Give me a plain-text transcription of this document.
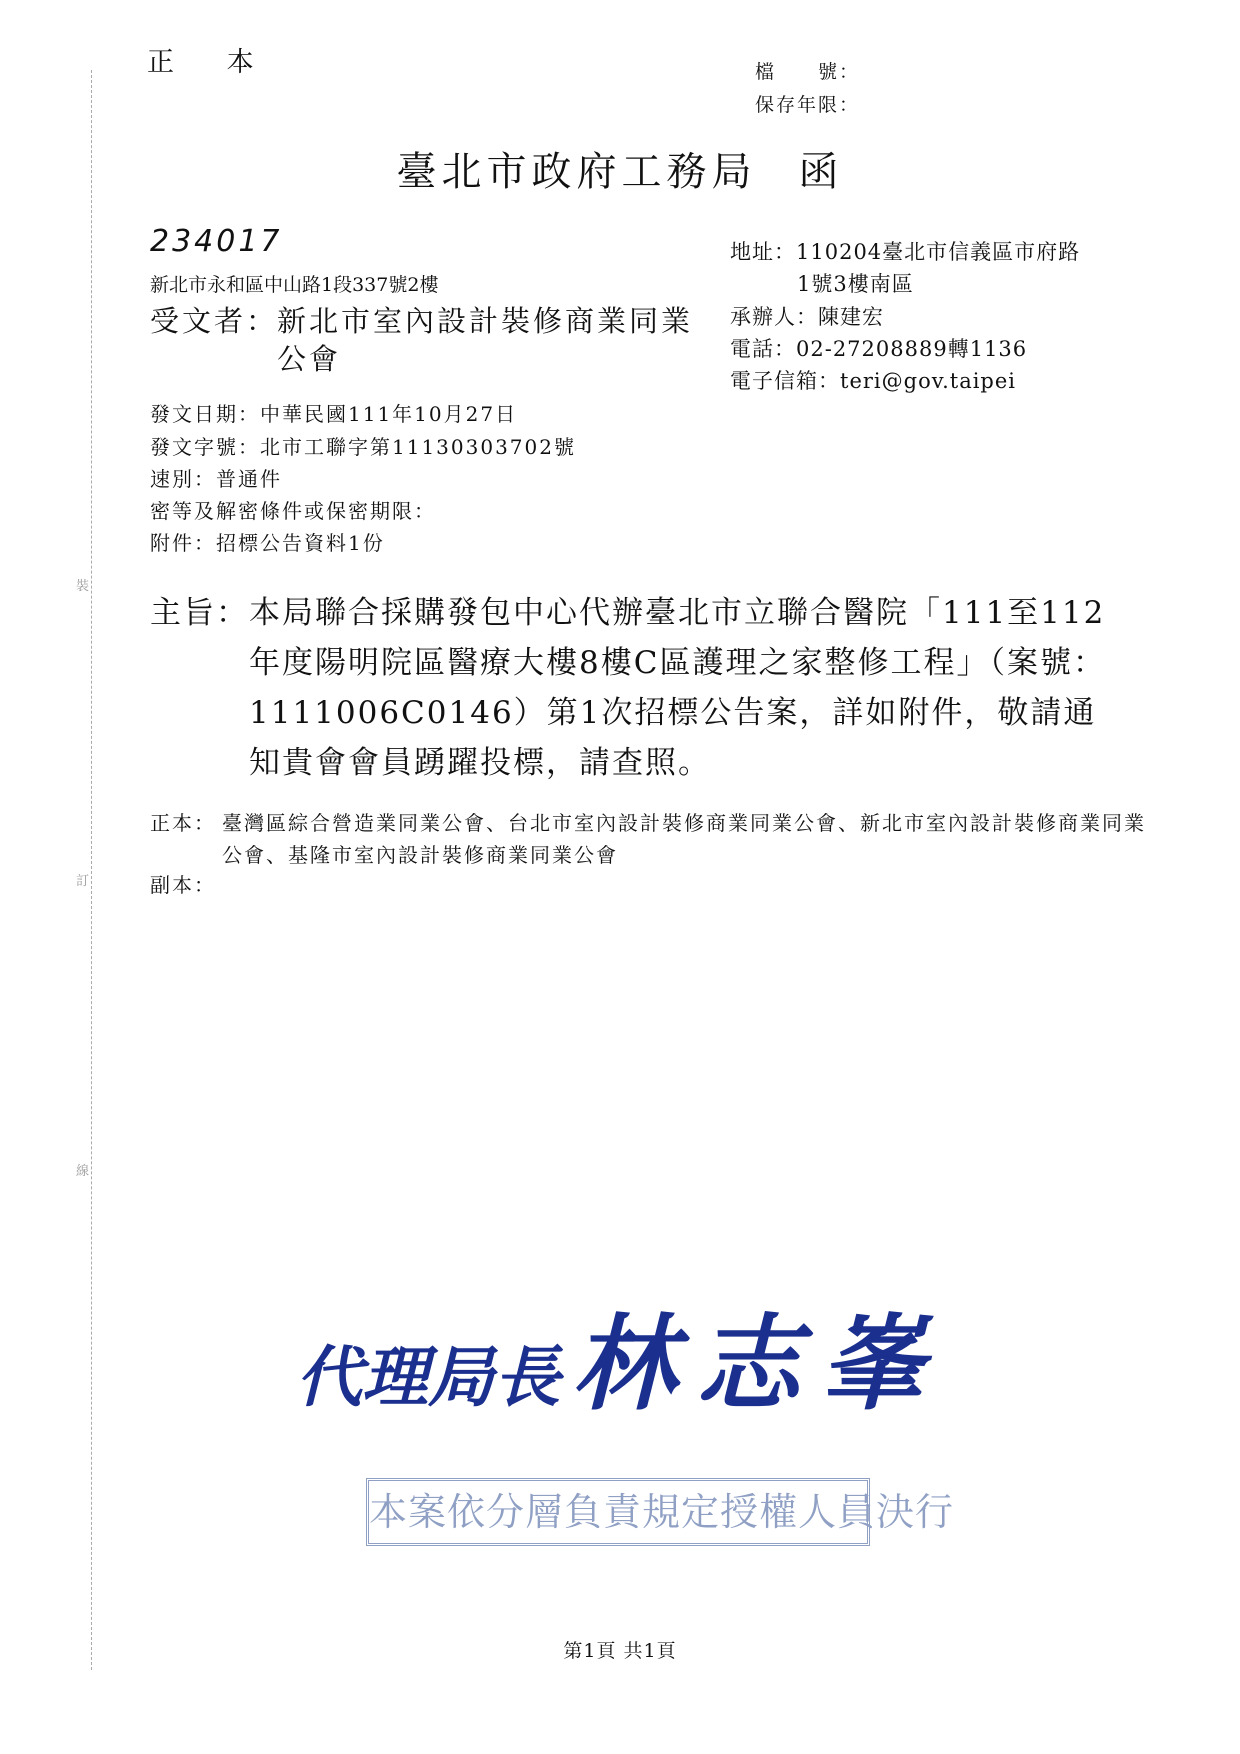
裝
訂
線
正 本	檔　　號：
保存年限：
臺北市政府工務局 函
234017
新北市永和區中山路1段337號2樓
受文者：
新北市室內設計裝修商業同業公會
地址：110204臺北市信義區市府路
1號3樓南區
承辦人：陳建宏
電話：02-27208889轉1136
電子信箱：teri@gov.taipei
發文日期：中華民國111年10月27日
發文字號：北市工聯字第11130303702號
速別：普通件
密等及解密條件或保密期限：
附件：招標公告資料1份
主旨： 本局聯合採購發包中心代辦臺北市立聯合醫院「111至112年度陽明院區醫療大樓8樓C區護理之家整修工程」（案號：1111006C0146）第1次招標公告案，詳如附件，敬請通知貴會會員踴躍投標，請查照。
正本： 臺灣區綜合營造業同業公會、台北市室內設計裝修商業同業公會、新北市室內設計裝修商業同業公會、基隆市室內設計裝修商業同業公會
副本：
代理局長 林志峯
本案依分層負責規定授權人員決行
第1頁 共1頁
